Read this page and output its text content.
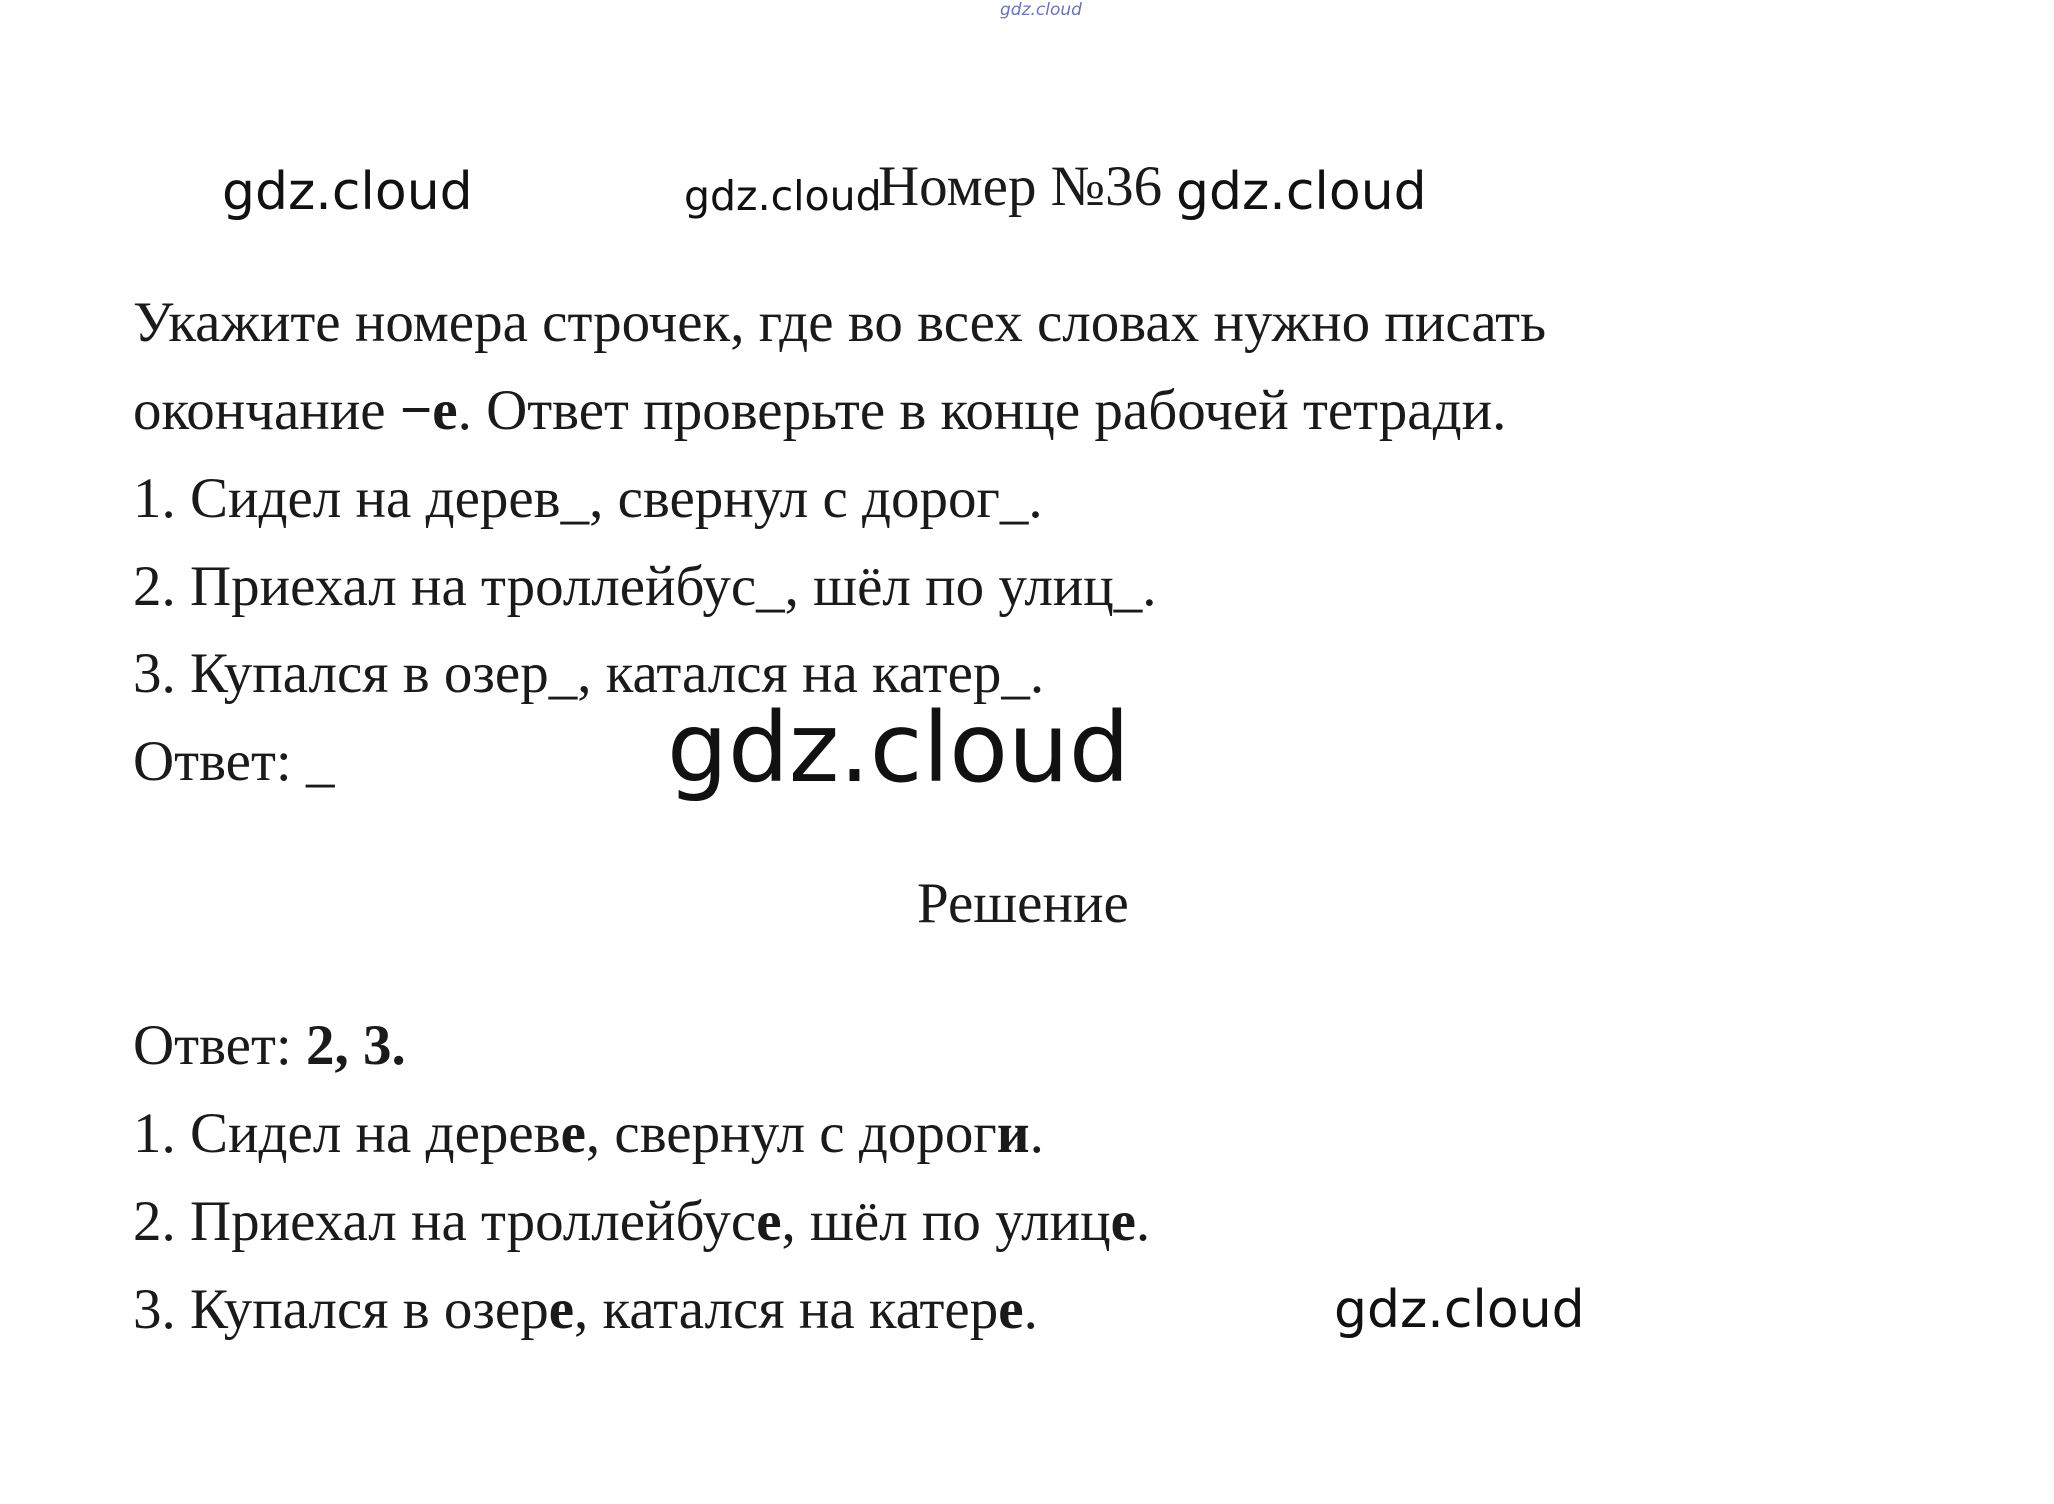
gdz.cloud
gdz.cloud	gdz.cloud
Номер №36 gdz.cloud
Укажите номера строчек, где во всех словах нужно писать
окончание −е. Ответ проверьте в конце рабочей тетради.
1. Сидел на дерев_, свернул с дорог_.
2. Приехал на троллейбус_, шёл по улиц_.
3. Купался в озер_, катался на катер_.
Ответ: _	gdz.cloud
Решение
Ответ: 2, 3.
1. Сидел на дереве, свернул с дороги.
2. Приехал на троллейбусе, шёл по улице.
3. Купался в озере, катался на катере.	gdz.cloud
